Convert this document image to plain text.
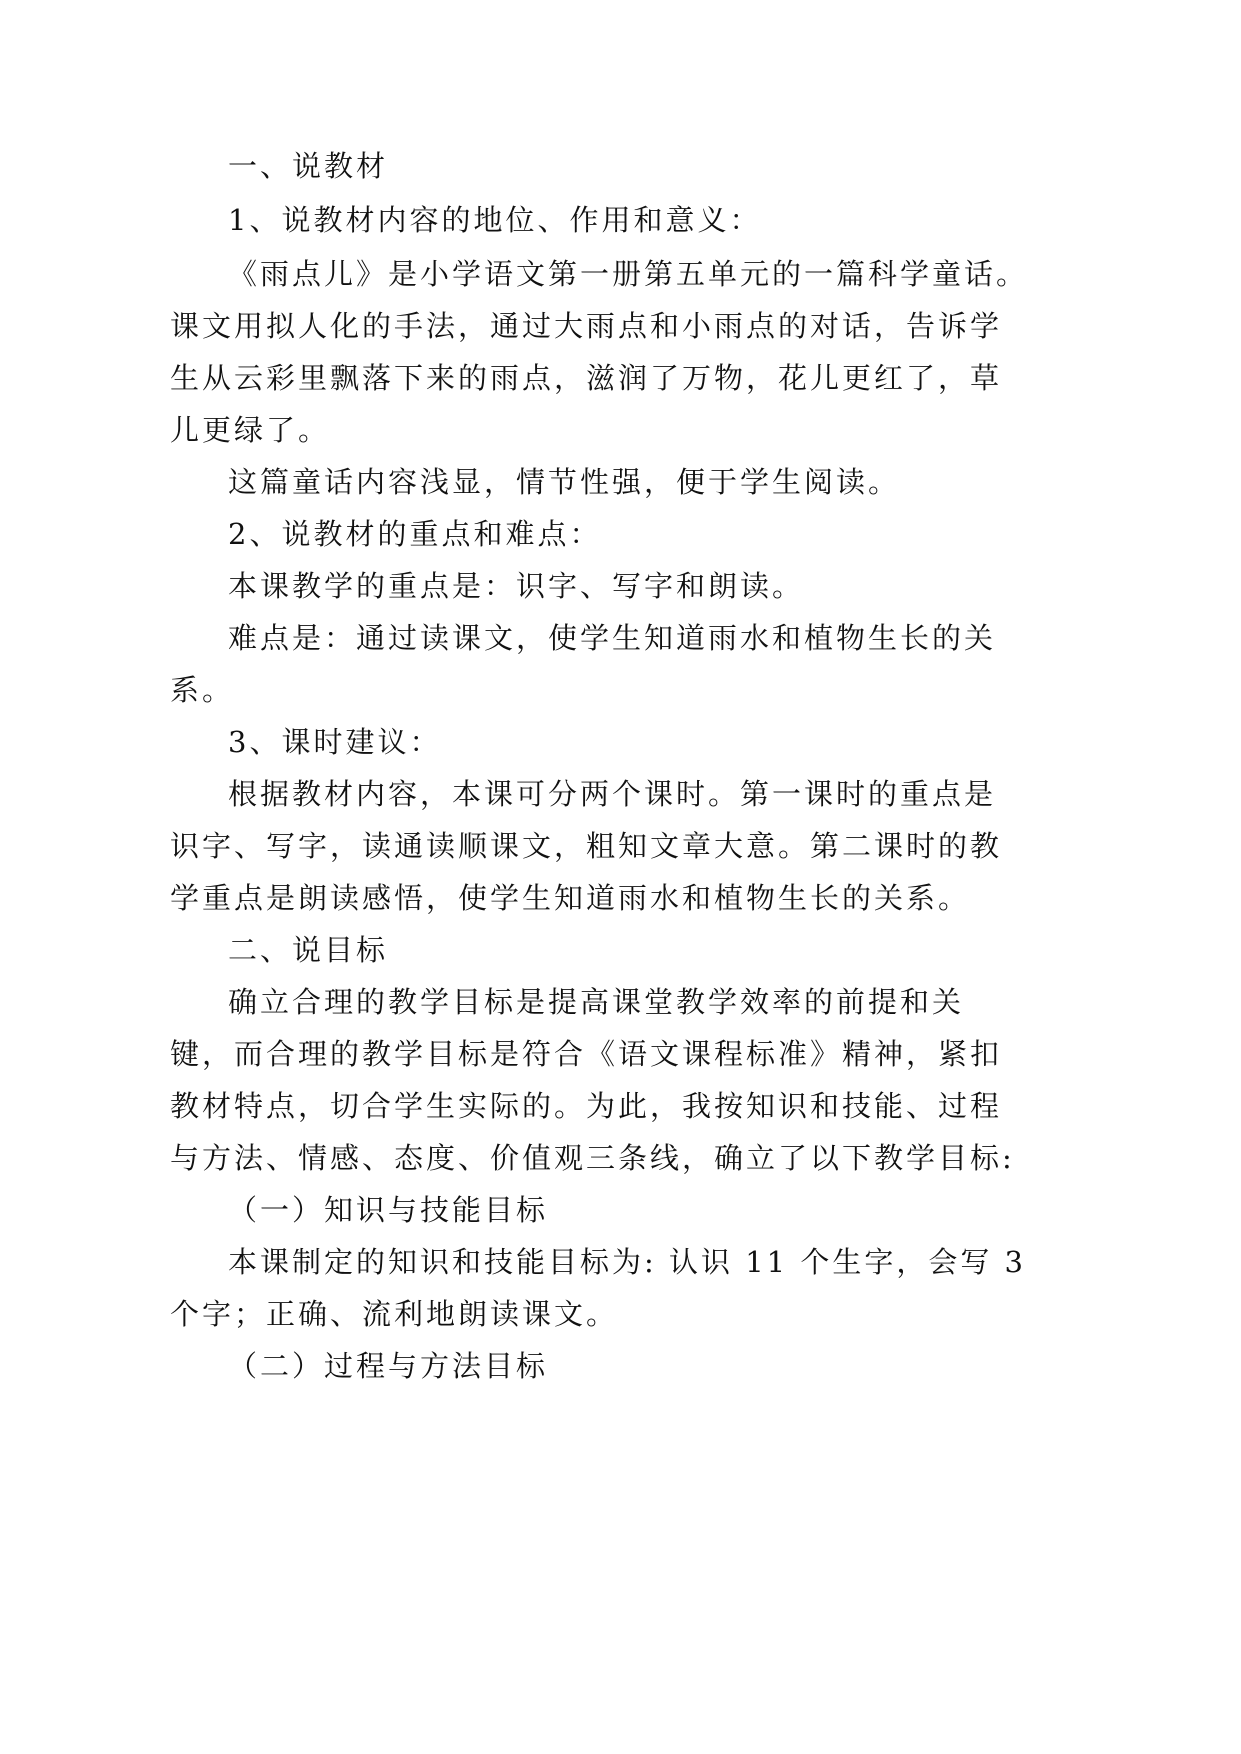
一、说教材
1、说教材内容的地位、作用和意义：
《雨点儿》是小学语文第一册第五单元的一篇科学童话。
课文用拟人化的手法，通过大雨点和小雨点的对话，告诉学
生从云彩里飘落下来的雨点，滋润了万物，花儿更红了，草
儿更绿了。
这篇童话内容浅显，情节性强，便于学生阅读。
2、说教材的重点和难点：
本课教学的重点是：识字、写字和朗读。
难点是：通过读课文，使学生知道雨水和植物生长的关
系。
3、课时建议：
根据教材内容，本课可分两个课时。第一课时的重点是
识字、写字，读通读顺课文，粗知文章大意。第二课时的教
学重点是朗读感悟，使学生知道雨水和植物生长的关系。
二、说目标
确立合理的教学目标是提高课堂教学效率的前提和关
键，而合理的教学目标是符合《语文课程标准》精神，紧扣
教材特点，切合学生实际的。为此，我按知识和技能、过程
与方法、情感、态度、价值观三条线，确立了以下教学目标:
（一）知识与技能目标
本课制定的知识和技能目标为: 认识 11 个生字，会写 3
个字；正确、流利地朗读课文。
（二）过程与方法目标
